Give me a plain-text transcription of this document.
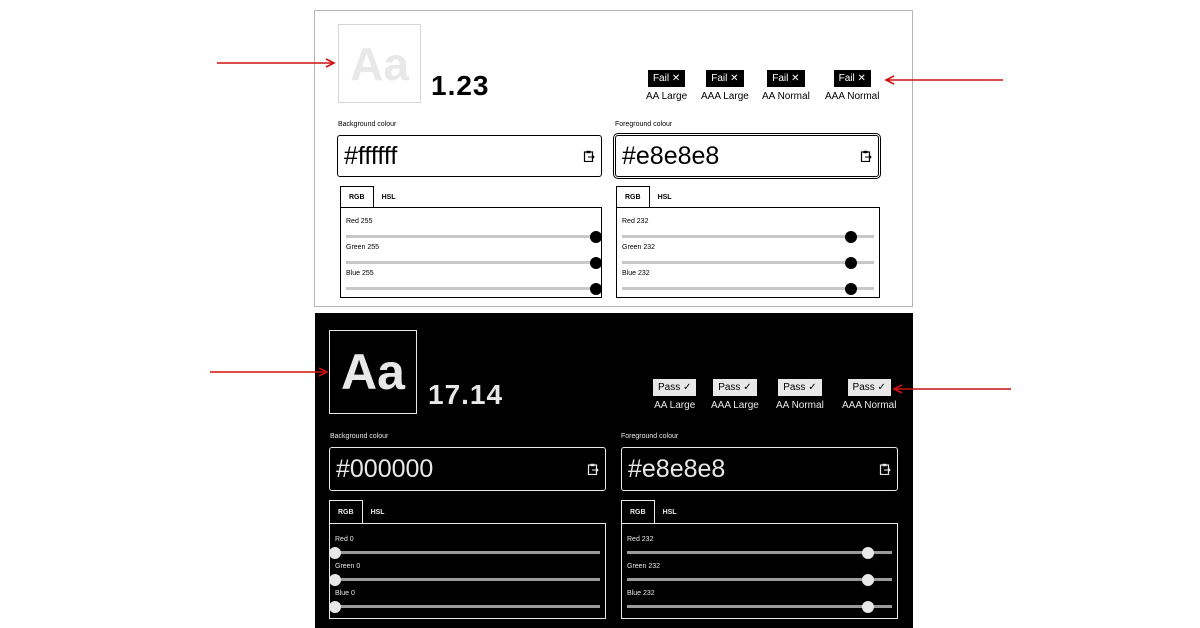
Aa 1.23	Fail ✕
AA Large
Fail ✕
AAA Large
Fail ✕
AA Normal
Fail ✕
AAA Normal
Background colour
#ffffff
RGB	HSL
Red 255
Green 255
Blue 255
Foreground colour
#e8e8e8
RGB	HSL
Red 232
Green 232
Blue 232
Aa 17.14	Pass ✓
AA Large
Pass ✓
AAA Large
Pass ✓
AA Normal
Pass ✓
AAA Normal
Background colour
#000000
RGB	HSL
Red 0
Green 0
Blue 0
Foreground colour
#e8e8e8
RGB	HSL
Red 232
Green 232
Blue 232
